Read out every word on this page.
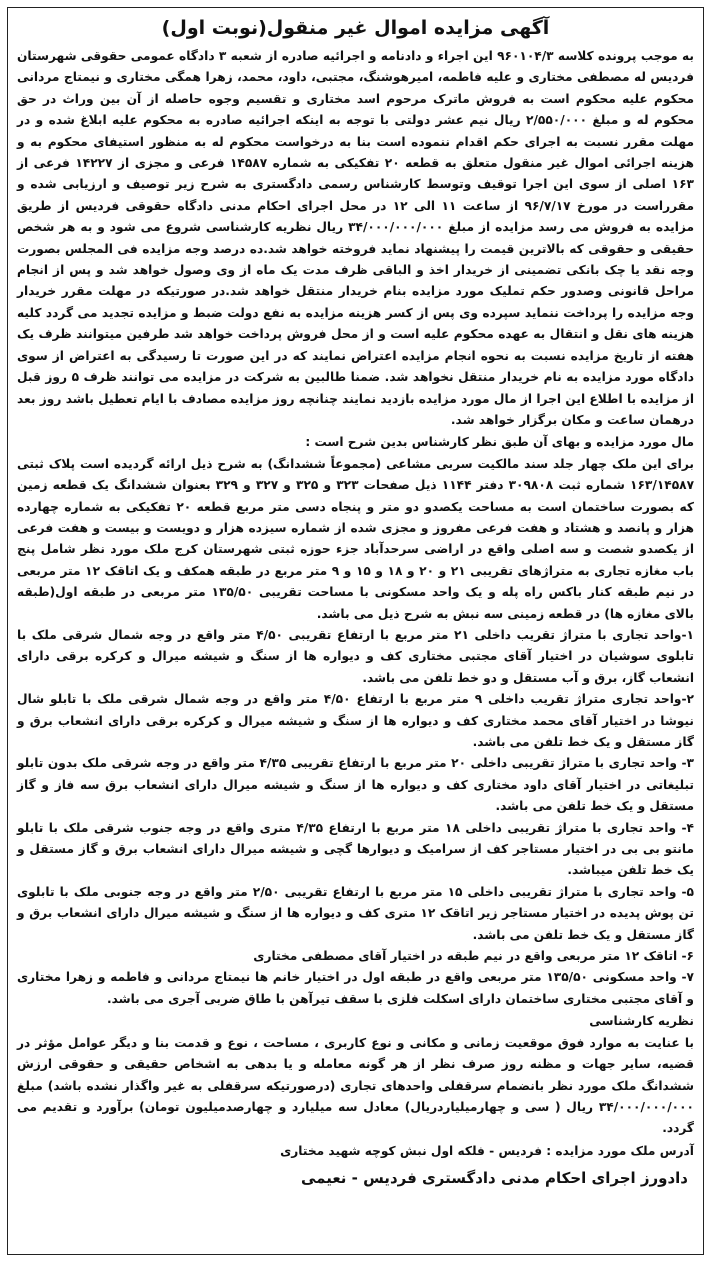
آگهی مزایده اموال غیر منقول(نوبت اول)

به موجب پرونده کلاسه ۹۶۰۱۰۴/۳ این اجراء و دادنامه و اجرائیه صادره از شعبه ۳ دادگاه عمومی حقوقی شهرستان فردیس له مصطفی مختاری و علیه فاطمه، امیرهوشنگ، مجتبی، داود، محمد، زهرا همگی مختاری و نیمتاج مردانی محکوم علیه محکوم است به فروش ماترک مرحوم اسد مختاری و تقسیم وجوه حاصله از آن بین وراث در حق محکوم له و مبلغ ۲/۵۵۰/۰۰۰ ریال نیم عشر دولتی با توجه به اینکه اجرائیه صادره به محکوم علیه ابلاغ شده و در مهلت مقرر نسبت به اجرای حکم اقدام ننموده است بنا به درخواست محکوم له به منظور استیفای محکوم به و هزینه اجرائی اموال غیر منقول متعلق به قطعه ۲۰ تفکیکی به شماره ۱۴۵۸۷ فرعی و مجزی از ۱۴۲۲۷ فرعی از ۱۶۳ اصلی از سوی این اجرا توقیف وتوسط کارشناس رسمی دادگستری به شرح زیر توصیف و ارزیابی شده و مقرراست در مورخ ۹۶/۷/۱۷ از ساعت ۱۱ الی ۱۲ در محل اجرای احکام مدنی دادگاه حقوقی فردیس از طریق مزایده به فروش می رسد مزایده از مبلغ ۳۴/۰۰۰/۰۰۰/۰۰۰ ریال نظریه کارشناسی شروع می شود و به هر شخص حقیقی و حقوقی که بالاترین قیمت را پیشنهاد نماید فروخته خواهد شد.ده درصد وجه مزایده فی المجلس بصورت وجه نقد یا چک بانکی تضمینی از خریدار اخذ و الباقی ظرف مدت یک ماه از وی وصول خواهد شد و پس از انجام مراحل قانونی وصدور حکم تملیک مورد مزایده بنام خریدار منتقل خواهد شد.در صورتیکه در مهلت مقرر خریدار وجه مزایده را پرداخت ننماید سپرده وی پس از کسر هزینه مزایده به نفع دولت ضبط و مزایده تجدید می گردد کلیه هزینه های نقل و انتقال به عهده محکوم علیه است و از محل فروش پرداخت خواهد شد طرفین میتوانند ظرف یک هفته از تاریخ مزایده نسبت به نحوه انجام مزایده اعتراض نمایند که در این صورت تا رسیدگی به اعتراض از سوی دادگاه مورد مزایده به نام خریدار منتقل نخواهد شد. ضمنا طالبین به شرکت در مزایده می توانند ظرف ۵ روز قبل از مزایده با اطلاع این اجرا از مال مورد مزایده بازدید نمایند چنانچه روز مزایده مصادف با ایام تعطیل باشد روز بعد درهمان ساعت و مکان برگزار خواهد شد.

مال مورد مزایده و بهای آن طبق نظر کارشناس بدین شرح است :

برای این ملک چهار جلد سند مالکیت سربی مشاعی (مجموعاً ششدانگ) به شرح ذیل ارائه گردیده است پلاک ثبتی ۱۶۳/۱۴۵۸۷ شماره ثبت ۳۰۹۸۰۸ دفتر ۱۱۴۴ ذیل صفحات ۳۲۳ و ۳۲۵ و ۳۲۷ و ۳۲۹ بعنوان ششدانگ یک قطعه زمین که بصورت ساختمان است به مساحت یکصدو دو متر و پنجاه دسی متر مربع قطعه ۲۰ تفکیکی به شماره چهارده هزار و پانصد و هشتاد و هفت فرعی مفروز و مجزی شده از شماره سیزده هزار و دویست و بیست و هفت فرعی از یکصدو شصت و سه اصلی واقع در اراضی سرحدآباد جزء حوزه ثبتی شهرستان کرج ملک مورد نظر شامل پنج باب مغازه تجاری به متراژهای تقریبی ۲۱ و ۲۰ و ۱۸ و ۱۵ و ۹ متر مربع در طبقه همکف و یک اتاقک ۱۲ متر مربعی در نیم طبقه کنار باکس راه پله و یک واحد مسکونی با مساحت تقریبی ۱۳۵/۵۰ متر مربعی در طبقه اول(طبقه بالای مغازه ها) در قطعه زمینی سه نبش به شرح ذیل می باشد.

۱-واحد تجاری با متراژ تقریب داخلی ۲۱ متر مربع با ارتفاع تقریبی ۴/۵۰ متر واقع در وجه شمال شرقی ملک با تابلوی سوشیان در اختیار آقای مجتبی مختاری کف و دیواره ها از سنگ و شیشه میرال و کرکره برقی دارای انشعاب گاز، برق و آب مستقل و دو خط تلفن می باشد.

۲-واحد تجاری متراژ تقریب داخلی ۹ متر مربع با ارتفاع ۴/۵۰ متر واقع در وجه شمال شرقی ملک با تابلو شال نیوشا در اختیار آقای محمد مختاری کف و دیواره ها از سنگ و شیشه میرال و کرکره برقی دارای انشعاب برق و گاز مستقل و یک خط تلفن می باشد.

۳- واحد تجاری با متراژ تقریبی داخلی ۲۰ متر مربع با ارتفاع تقریبی ۴/۳۵ متر واقع در وجه شرقی ملک بدون تابلو تبلیغاتی در اختیار آقای داود مختاری کف و دیواره ها از سنگ و شیشه میرال دارای انشعاب برق سه فاز و گاز مستقل و یک خط تلفن می باشد.

۴- واحد تجاری با متراژ تقریبی داخلی ۱۸ متر مربع با ارتفاع ۴/۳۵ متری واقع در وجه جنوب شرقی ملک با تابلو مانتو بی بی در اختیار مستاجر کف از سرامیک و دیوارها گچی و شیشه میرال دارای انشعاب برق و گاز مستقل و یک خط تلفن میباشد.

۵- واحد تجاری با متراژ تقریبی داخلی ۱۵ متر مربع با ارتفاع تقریبی ۲/۵۰ متر واقع در وجه جنوبی ملک با تابلوی تن پوش پدیده در اختیار مستاجر زیر اتاقک ۱۲ متری کف و دیواره ها از سنگ و شیشه میرال دارای انشعاب برق و گاز مستقل و یک خط تلفن می باشد.

۶- اتاقک ۱۲ متر مربعی واقع در نیم طبقه در اختیار آقای مصطفی مختاری

۷- واحد مسکونی ۱۳۵/۵۰ متر مربعی واقع در طبقه اول در اختیار خانم ها نیمتاج مردانی و فاطمه و زهرا مختاری و آقای مجتبی مختاری ساختمان دارای اسکلت فلزی با سقف تیرآهن با طاق ضربی آجری می باشد.

نظریه کارشناسی

با عنایت به موارد فوق موقعیت زمانی و مکانی و نوع کاربری ، مساحت ، نوع و قدمت بنا و دیگر عوامل مؤثر در قضیه، سایر جهات و مظنه روز صرف نظر از هر گونه معامله و یا بدهی به اشخاص حقیقی و حقوقی ارزش ششدانگ ملک مورد نظر بانضمام سرقفلی واحدهای تجاری (درصورتیکه سرقفلی به غیر واگذار نشده باشد) مبلغ ۳۴/۰۰۰/۰۰۰/۰۰۰ ریال ( سی و چهارمیلیاردریال) معادل سه میلیارد و چهارصدمیلیون تومان) برآورد و تقدیم می گردد.

آدرس ملک مورد مزایده : فردیس - فلکه اول نبش کوچه شهید مختاری

دادورز اجرای احکام مدنی دادگستری فردیس - نعیمی
